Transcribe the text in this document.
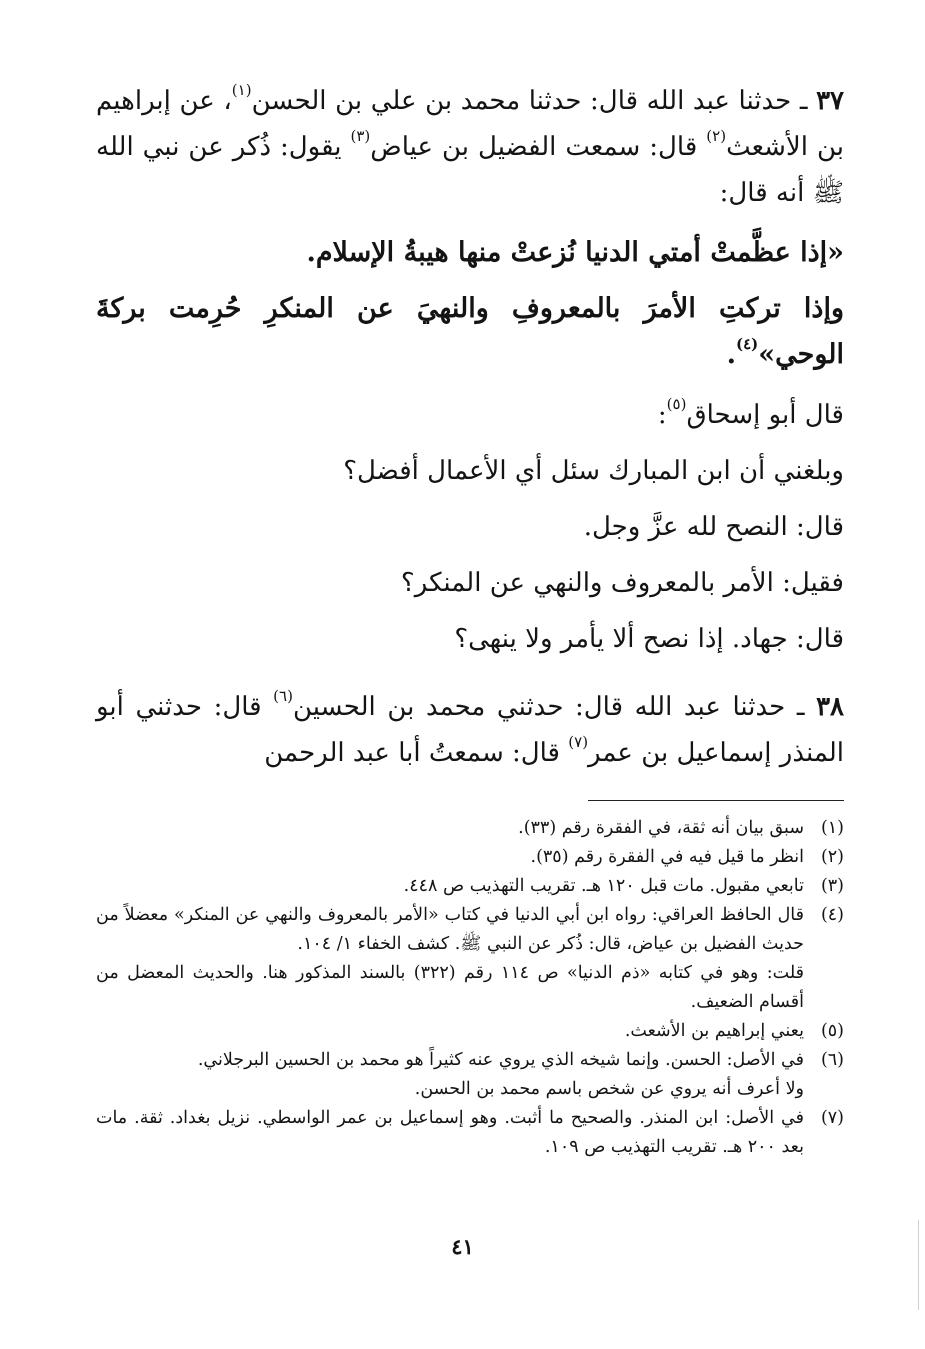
٣٧ ـ حدثنا عبد الله قال: حدثنا محمد بن علي بن الحسن$^{(١)}$، عن إبراهيم بن الأشعث$^{(٢)}$ قال: سمعت الفضيل بن عياض$^{(٣)}$ يقول: ذُكر عن نبي الله ﷺ أنه قال:

«إذا عظَّمتْ أمتي الدنيا نُزعتْ منها هيبةُ الإسلام.

وإذا تركتِ الأمرَ بالمعروفِ والنهيَ عن المنكرِ حُرِمت بركةَ الوحي»$^{(٤)}$.

قال أبو إسحاق$^{(٥)}$:

وبلغني أن ابن المبارك سئل أي الأعمال أفضل؟

قال: النصح لله عزَّ وجل.

فقيل: الأمر بالمعروف والنهي عن المنكر؟

قال: جهاد. إذا نصح ألا يأمر ولا ينهى؟

٣٨ ـ حدثنا عبد الله قال: حدثني محمد بن الحسين$^{(٦)}$ قال: حدثني أبو المنذر إسماعيل بن عمر$^{(٧)}$ قال: سمعتُ أبا عبد الرحمن

(١)
سبق بيان أنه ثقة، في الفقرة رقم (٣٣).
(٢)
انظر ما قيل فيه في الفقرة رقم (٣٥).
(٣)
تابعي مقبول. مات قبل ١٢٠ هـ. تقريب التهذيب ص ٤٤٨.
(٤)
قال الحافظ العراقي: رواه ابن أبي الدنيا في كتاب «الأمر بالمعروف والنهي عن المنكر» معضلاً من حديث الفضيل بن عياض، قال: ذُكر عن النبي ﷺ. كشف الخفاء ١/ ١٠٤.
قلت: وهو في كتابه «ذم الدنيا» ص ١١٤ رقم (٣٢٢) بالسند المذكور هنا. والحديث المعضل من أقسام الضعيف.
(٥)
يعني إبراهيم بن الأشعث.
(٦)
في الأصل: الحسن. وإنما شيخه الذي يروي عنه كثيراً هو محمد بن الحسين البرجلاني.
ولا أعرف أنه يروي عن شخص باسم محمد بن الحسن.
(٧)
في الأصل: ابن المنذر. والصحيح ما أثبت. وهو إسماعيل بن عمر الواسطي. نزيل بغداد. ثقة. مات بعد ٢٠٠ هـ. تقريب التهذيب ص ١٠٩.
٤١
